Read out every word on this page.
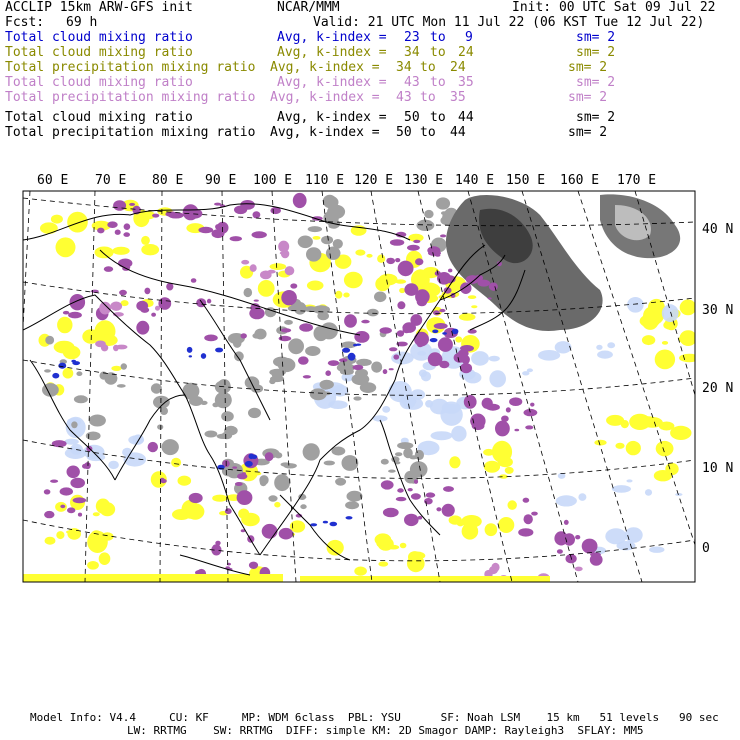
ACCLIP 15km ARW-GFS init	NCAR/MMM	Init: 00 UTC Sat 09 Jul 22
Fcst: 69 h	Valid: 21 UTC Mon 11 Jul 22 (06 KST Tue 12 Jul 22)
Total cloud mixing ratio	Avg, k-index = 23 to 9	sm= 2
Total cloud mixing ratio	Avg, k-index = 34 to 24	sm= 2
Total precipitation mixing ratio Avg, k-index = 34 to 24	sm= 2
Total cloud mixing ratio	Avg, k-index = 43 to 35	sm= 2
Total precipitation mixing ratio Avg, k-index = 43 to 35	sm= 2
Total cloud mixing ratio	Avg, k-index = 50 to 44	sm= 2
Total precipitation mixing ratio Avg, k-index = 50 to 44	sm= 2
60 E 70 E 80 E 90 E 100 E 110 E 120 E 130 E 140 E 150 E 160 E 170 E
40 N
30 N
20 N
10 N
0
Model Info: V4.4     CU: KF     MP: WDM 6class  PBL: YSU      SF: Noah LSM    15 km   51 levels   90 sec
LW: RRTMG    SW: RRTMG  DIFF: simple KM: 2D Smagor DAMP: Rayleigh3  SFLAY: MM5
